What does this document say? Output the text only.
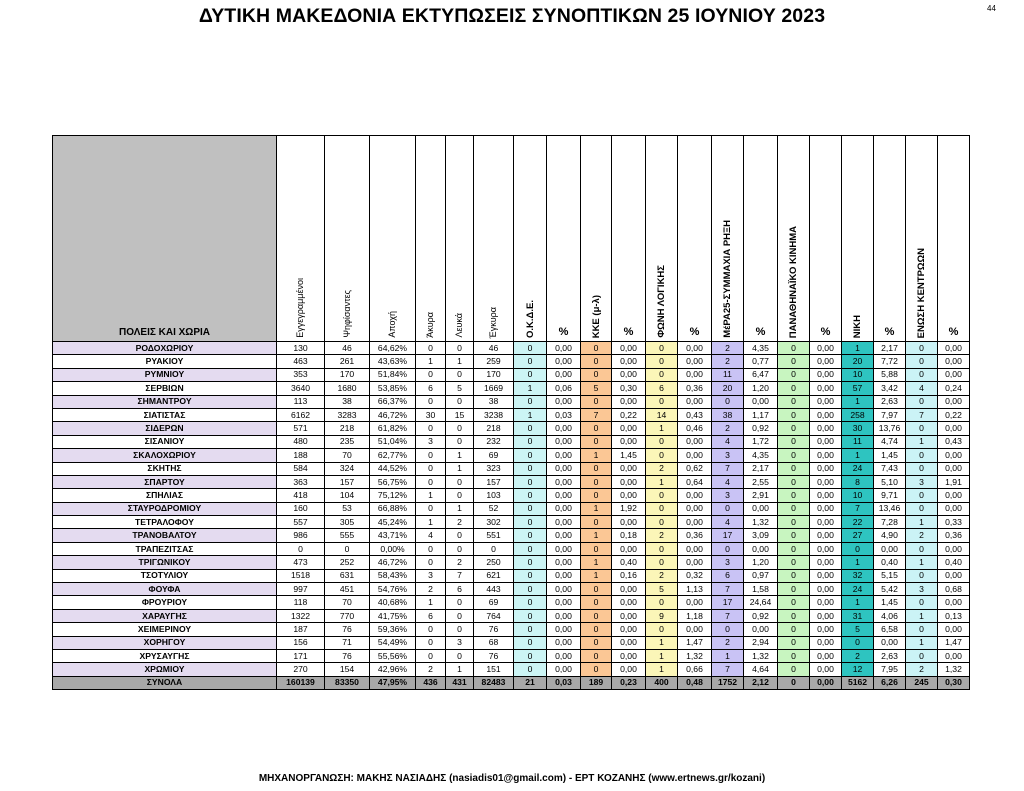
ΔΥΤΙΚΗ ΜΑΚΕΔΟΝΙΑ ΕΚΤΥΠΩΣΕΙΣ ΣΥΝΟΠΤΙΚΩΝ 25 ΙΟΥΝΙΟΥ 2023	44
ΠΟΛΕΙΣ ΚΑΙ ΧΩΡΙΑ	Εγγεγραμμένοι	Ψηφίσαντες	Αποχή	Άκυρα	Λευκά	Έγκυρα	Ο.Κ.Δ.Ε.	%	ΚΚΕ (μ-λ)	%	ΦΩΝΗ ΛΟΓΙΚΗΣ	%	ΜέΡΑ25-ΣΥΜΜΑΧΙΑ ΡΗΞΗ	%	ΠΑΝΑΘΗΝΑΪΚΟ ΚΙΝΗΜΑ	%	ΝΙΚΗ	%	ΕΝΩΣΗ ΚΕΝΤΡΩΩΝ	%
ΡΟΔΟΧΩΡΙΟΥ	130	46	64,62%	0	0	46	0	0,00	0	0,00	0	0,00	2	4,35	0	0,00	1	2,17	0	0,00
ΡΥΑΚΙΟΥ	463	261	43,63%	1	1	259	0	0,00	0	0,00	0	0,00	2	0,77	0	0,00	20	7,72	0	0,00
ΡΥΜΝΙΟΥ	353	170	51,84%	0	0	170	0	0,00	0	0,00	0	0,00	11	6,47	0	0,00	10	5,88	0	0,00
ΣΕΡΒΙΩΝ	3640	1680	53,85%	6	5	1669	1	0,06	5	0,30	6	0,36	20	1,20	0	0,00	57	3,42	4	0,24
ΣΗΜΑΝΤΡΟΥ	113	38	66,37%	0	0	38	0	0,00	0	0,00	0	0,00	0	0,00	0	0,00	1	2,63	0	0,00
ΣΙΑΤΙΣΤΑΣ	6162	3283	46,72%	30	15	3238	1	0,03	7	0,22	14	0,43	38	1,17	0	0,00	258	7,97	7	0,22
ΣΙΔΕΡΩΝ	571	218	61,82%	0	0	218	0	0,00	0	0,00	1	0,46	2	0,92	0	0,00	30	13,76	0	0,00
ΣΙΣΑΝΙΟΥ	480	235	51,04%	3	0	232	0	0,00	0	0,00	0	0,00	4	1,72	0	0,00	11	4,74	1	0,43
ΣΚΑΛΟΧΩΡΙΟΥ	188	70	62,77%	0	1	69	0	0,00	1	1,45	0	0,00	3	4,35	0	0,00	1	1,45	0	0,00
ΣΚΗΤΗΣ	584	324	44,52%	0	1	323	0	0,00	0	0,00	2	0,62	7	2,17	0	0,00	24	7,43	0	0,00
ΣΠΑΡΤΟΥ	363	157	56,75%	0	0	157	0	0,00	0	0,00	1	0,64	4	2,55	0	0,00	8	5,10	3	1,91
ΣΠΗΛΙΑΣ	418	104	75,12%	1	0	103	0	0,00	0	0,00	0	0,00	3	2,91	0	0,00	10	9,71	0	0,00
ΣΤΑΥΡΟΔΡΟΜΙΟΥ	160	53	66,88%	0	1	52	0	0,00	1	1,92	0	0,00	0	0,00	0	0,00	7	13,46	0	0,00
ΤΕΤΡΑΛΟΦΟΥ	557	305	45,24%	1	2	302	0	0,00	0	0,00	0	0,00	4	1,32	0	0,00	22	7,28	1	0,33
ΤΡΑΝΟΒΑΛΤΟΥ	986	555	43,71%	4	0	551	0	0,00	1	0,18	2	0,36	17	3,09	0	0,00	27	4,90	2	0,36
ΤΡΑΠΕΖΙΤΣΑΣ	0	0	0,00%	0	0	0	0	0,00	0	0,00	0	0,00	0	0,00	0	0,00	0	0,00	0	0,00
ΤΡΙΓΩΝΙΚΟΥ	473	252	46,72%	0	2	250	0	0,00	1	0,40	0	0,00	3	1,20	0	0,00	1	0,40	1	0,40
ΤΣΟΤΥΛΙΟΥ	1518	631	58,43%	3	7	621	0	0,00	1	0,16	2	0,32	6	0,97	0	0,00	32	5,15	0	0,00
ΦΟΥΦΑ	997	451	54,76%	2	6	443	0	0,00	0	0,00	5	1,13	7	1,58	0	0,00	24	5,42	3	0,68
ΦΡΟΥΡΙΟΥ	118	70	40,68%	1	0	69	0	0,00	0	0,00	0	0,00	17	24,64	0	0,00	1	1,45	0	0,00
ΧΑΡΑΥΓΗΣ	1322	770	41,75%	6	0	764	0	0,00	0	0,00	9	1,18	7	0,92	0	0,00	31	4,06	1	0,13
ΧΕΙΜΕΡΙΝΟΥ	187	76	59,36%	0	0	76	0	0,00	0	0,00	0	0,00	0	0,00	0	0,00	5	6,58	0	0,00
ΧΟΡΗΓΟΥ	156	71	54,49%	0	3	68	0	0,00	0	0,00	1	1,47	2	2,94	0	0,00	0	0,00	1	1,47
ΧΡΥΣΑΥΓΗΣ	171	76	55,56%	0	0	76	0	0,00	0	0,00	1	1,32	1	1,32	0	0,00	2	2,63	0	0,00
ΧΡΩΜΙΟΥ	270	154	42,96%	2	1	151	0	0,00	0	0,00	1	0,66	7	4,64	0	0,00	12	7,95	2	1,32
ΣΥΝΟΛΑ	160139	83350	47,95%	436	431	82483	21	0,03	189	0,23	400	0,48	1752	2,12	0	0,00	5162	6,26	245	0,30
ΜΗΧΑΝΟΡΓΑΝΩΣΗ: ΜΑΚΗΣ ΝΑΣΙΑΔΗΣ (nasiadis01@gmail.com) - ΕΡΤ ΚΟΖΑΝΗΣ (www.ertnews.gr/kozani)
